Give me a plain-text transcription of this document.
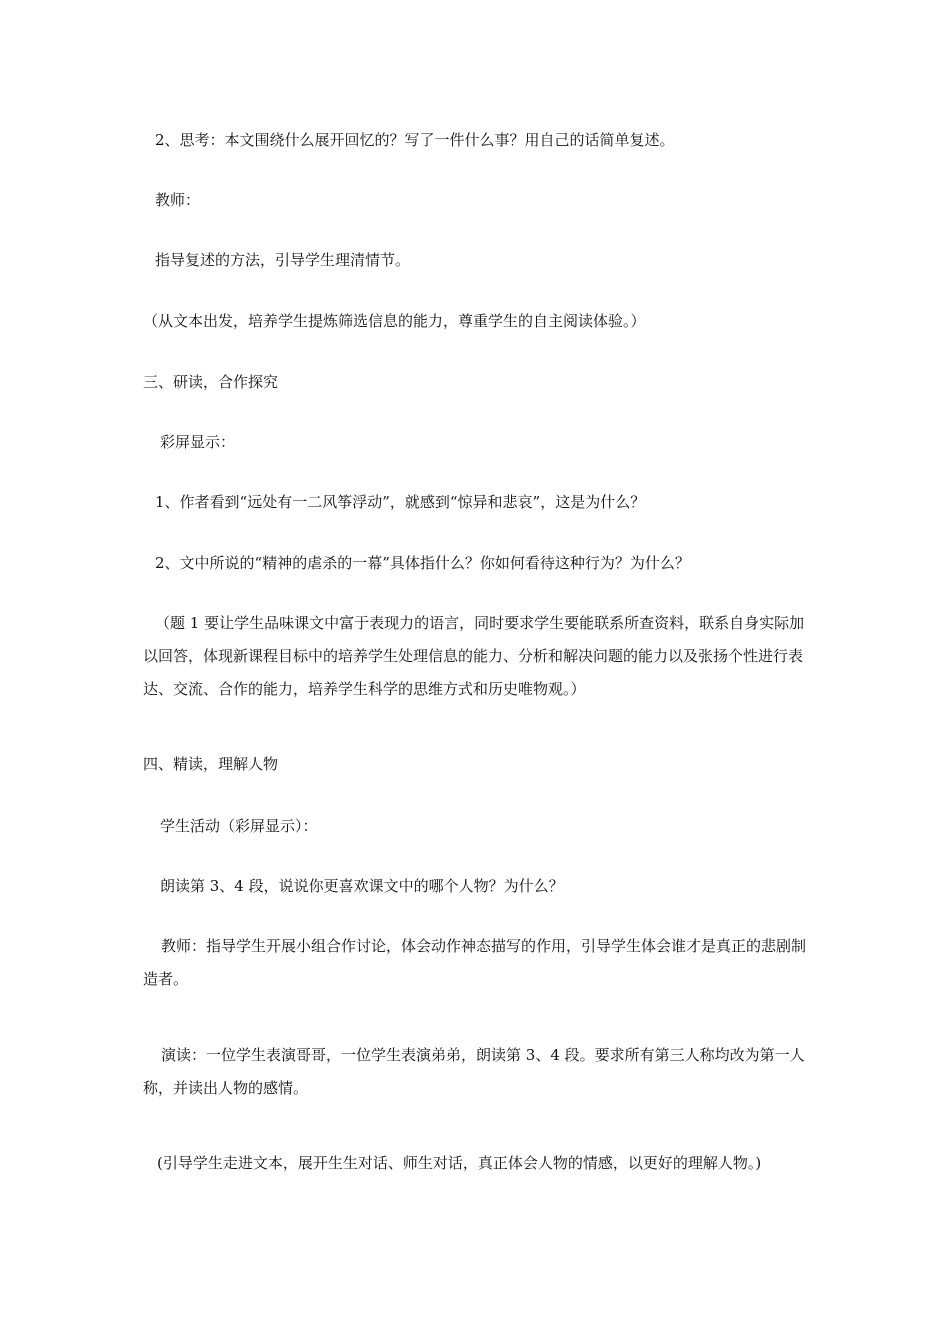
2、思考：本文围绕什么展开回忆的？写了一件什么事？用自己的话简单复述。
教师：
指导复述的方法，引导学生理清情节。
（从文本出发，培养学生提炼筛选信息的能力，尊重学生的自主阅读体验。）
三、研读，合作探究
彩屏显示：
1、作者看到“远处有一二风筝浮动”，就感到“惊异和悲哀”，这是为什么？
2、文中所说的“精神的虐杀的一幕”具体指什么？你如何看待这种行为？为什么？
（题 1 要让学生品味课文中富于表现力的语言，同时要求学生要能联系所查资料，联系自身实际加以回答，体现新课程目标中的培养学生处理信息的能力、分析和解决问题的能力以及张扬个性进行表达、交流、合作的能力，培养学生科学的思维方式和历史唯物观。）
四、精读，理解人物
学生活动（彩屏显示）：
朗读第 3、4 段，说说你更喜欢课文中的哪个人物？为什么？
教师：指导学生开展小组合作讨论，体会动作神态描写的作用，引导学生体会谁才是真正的悲剧制造者。
演读：一位学生表演哥哥，一位学生表演弟弟，朗读第 3、4 段。要求所有第三人称均改为第一人称，并读出人物的感情。
(引导学生走进文本，展开生生对话、师生对话，真正体会人物的情感，以更好的理解人物。)
